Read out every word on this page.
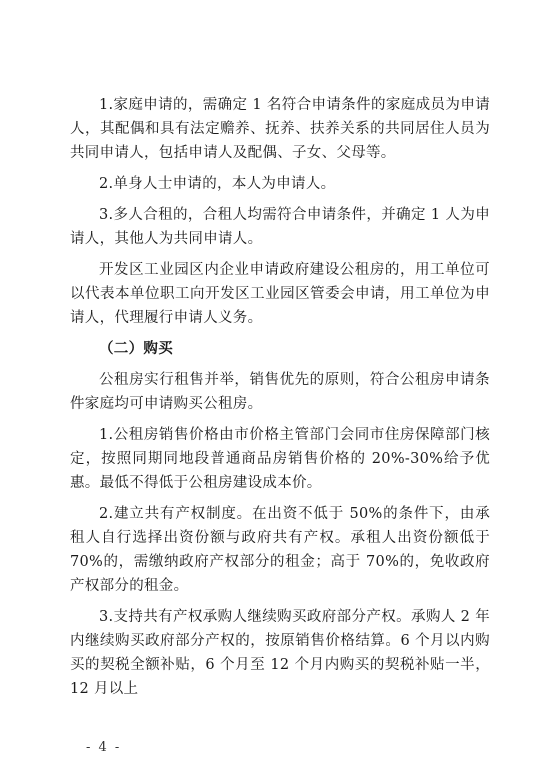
1.家庭申请的，需确定 1 名符合申请条件的家庭成员为申请人，其配偶和具有法定赡养、抚养、扶养关系的共同居住人员为共同申请人，包括申请人及配偶、子女、父母等。

2.单身人士申请的，本人为申请人。

3.多人合租的，合租人均需符合申请条件，并确定 1 人为申请人，其他人为共同申请人。

开发区工业园区内企业申请政府建设公租房的，用工单位可以代表本单位职工向开发区工业园区管委会申请，用工单位为申请人，代理履行申请人义务。

（二）购买

公租房实行租售并举，销售优先的原则，符合公租房申请条件家庭均可申请购买公租房。

1.公租房销售价格由市价格主管部门会同市住房保障部门核定，按照同期同地段普通商品房销售价格的 20%-30%给予优惠。最低不得低于公租房建设成本价。

2.建立共有产权制度。在出资不低于 50%的条件下，由承租人自行选择出资份额与政府共有产权。承租人出资份额低于 70%的，需缴纳政府产权部分的租金；高于 70%的，免收政府产权部分的租金。

3.支持共有产权承购人继续购买政府部分产权。承购人 2 年内继续购买政府部分产权的，按原销售价格结算。6 个月以内购买的契税全额补贴，6 个月至 12 个月内购买的契税补贴一半，12 月以上

- 4 -
